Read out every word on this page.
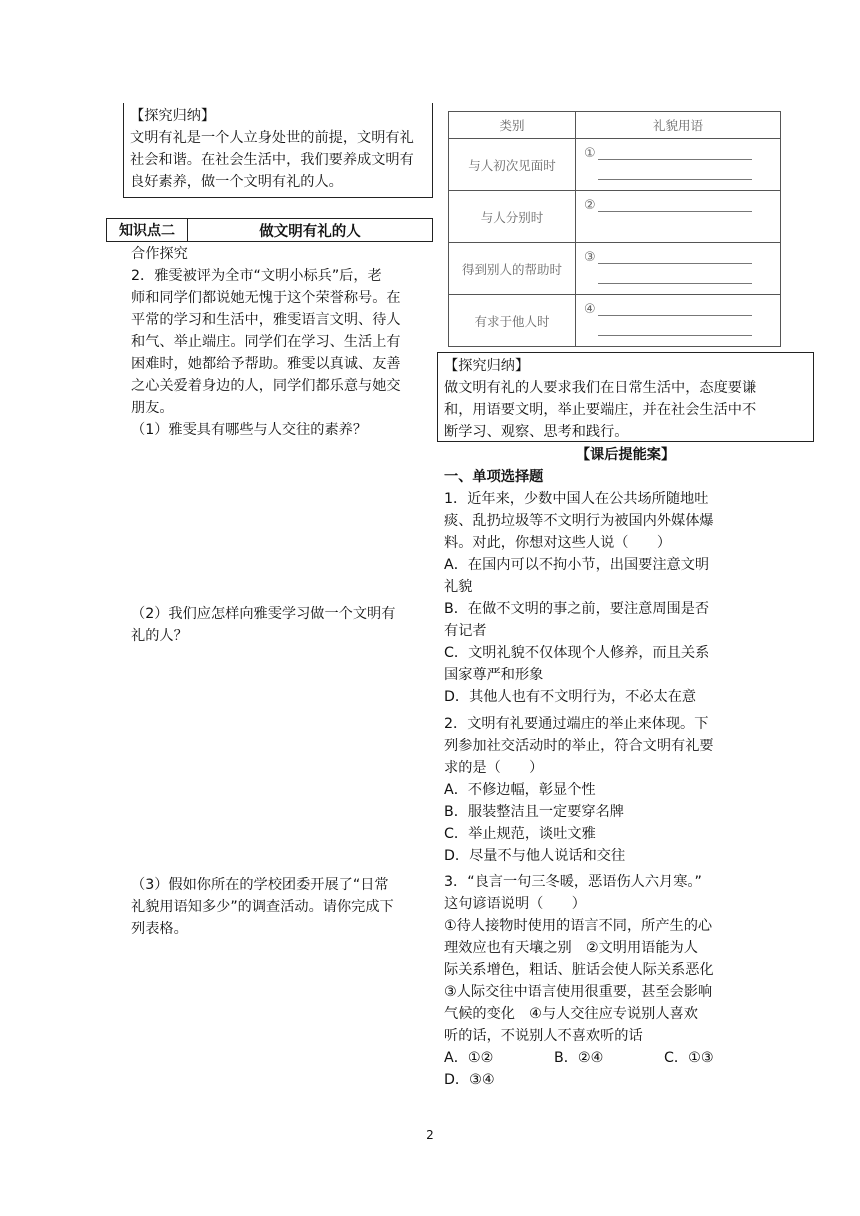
【探究归纳】
文明有礼是一个人立身处世的前提，文明有礼
社会和谐。在社会生活中，我们要养成文明有
良好素养，做一个文明有礼的人。
知识点二	做文明有礼的人
合作探究
2．雅雯被评为全市“文明小标兵”后，老
师和同学们都说她无愧于这个荣誉称号。在
平常的学习和生活中，雅雯语言文明、待人
和气、举止端庄。同学们在学习、生活上有
困难时，她都给予帮助。雅雯以真诚、友善
之心关爱着身边的人，同学们都乐意与她交
朋友。
（1）雅雯具有哪些与人交往的素养？
（2）我们应怎样向雅雯学习做一个文明有
礼的人？
（3）假如你所在的学校团委开展了“日常
礼貌用语知多少”的调查活动。请你完成下
列表格。
类别	礼貌用语
与人初次见面时	①

与人分别时	②

得到别人的帮助时	③

有求于他人时	④
【探究归纳】
做文明有礼的人要求我们在日常生活中，态度要谦
和，用语要文明，举止要端庄，并在社会生活中不
断学习、观察、思考和践行。
【课后提能案】
一、单项选择题
1．近年来，少数中国人在公共场所随地吐
痰、乱扔垃圾等不文明行为被国内外媒体爆
料。对此，你想对这些人说（　　）
A．在国内可以不拘小节，出国要注意文明
礼貌
B．在做不文明的事之前，要注意周围是否
有记者
C．文明礼貌不仅体现个人修养，而且关系
国家尊严和形象
D．其他人也有不文明行为，不必太在意
2．文明有礼要通过端庄的举止来体现。下
列参加社交活动时的举止，符合文明有礼要
求的是（　　）
A．不修边幅，彰显个性
B．服装整洁且一定要穿名牌
C．举止规范，谈吐文雅
D．尽量不与他人说话和交往
3．“良言一句三冬暖，恶语伤人六月寒。”
这句谚语说明（　　）
①待人接物时使用的语言不同，所产生的心
理效应也有天壤之别　②文明用语能为人
际关系增色，粗话、脏话会使人际关系恶化
③人际交往中语言使用很重要，甚至会影响
气候的变化　④与人交往应专说别人喜欢
听的话，不说别人不喜欢听的话
A．①②	B．②④	C．①③
D．③④
2
